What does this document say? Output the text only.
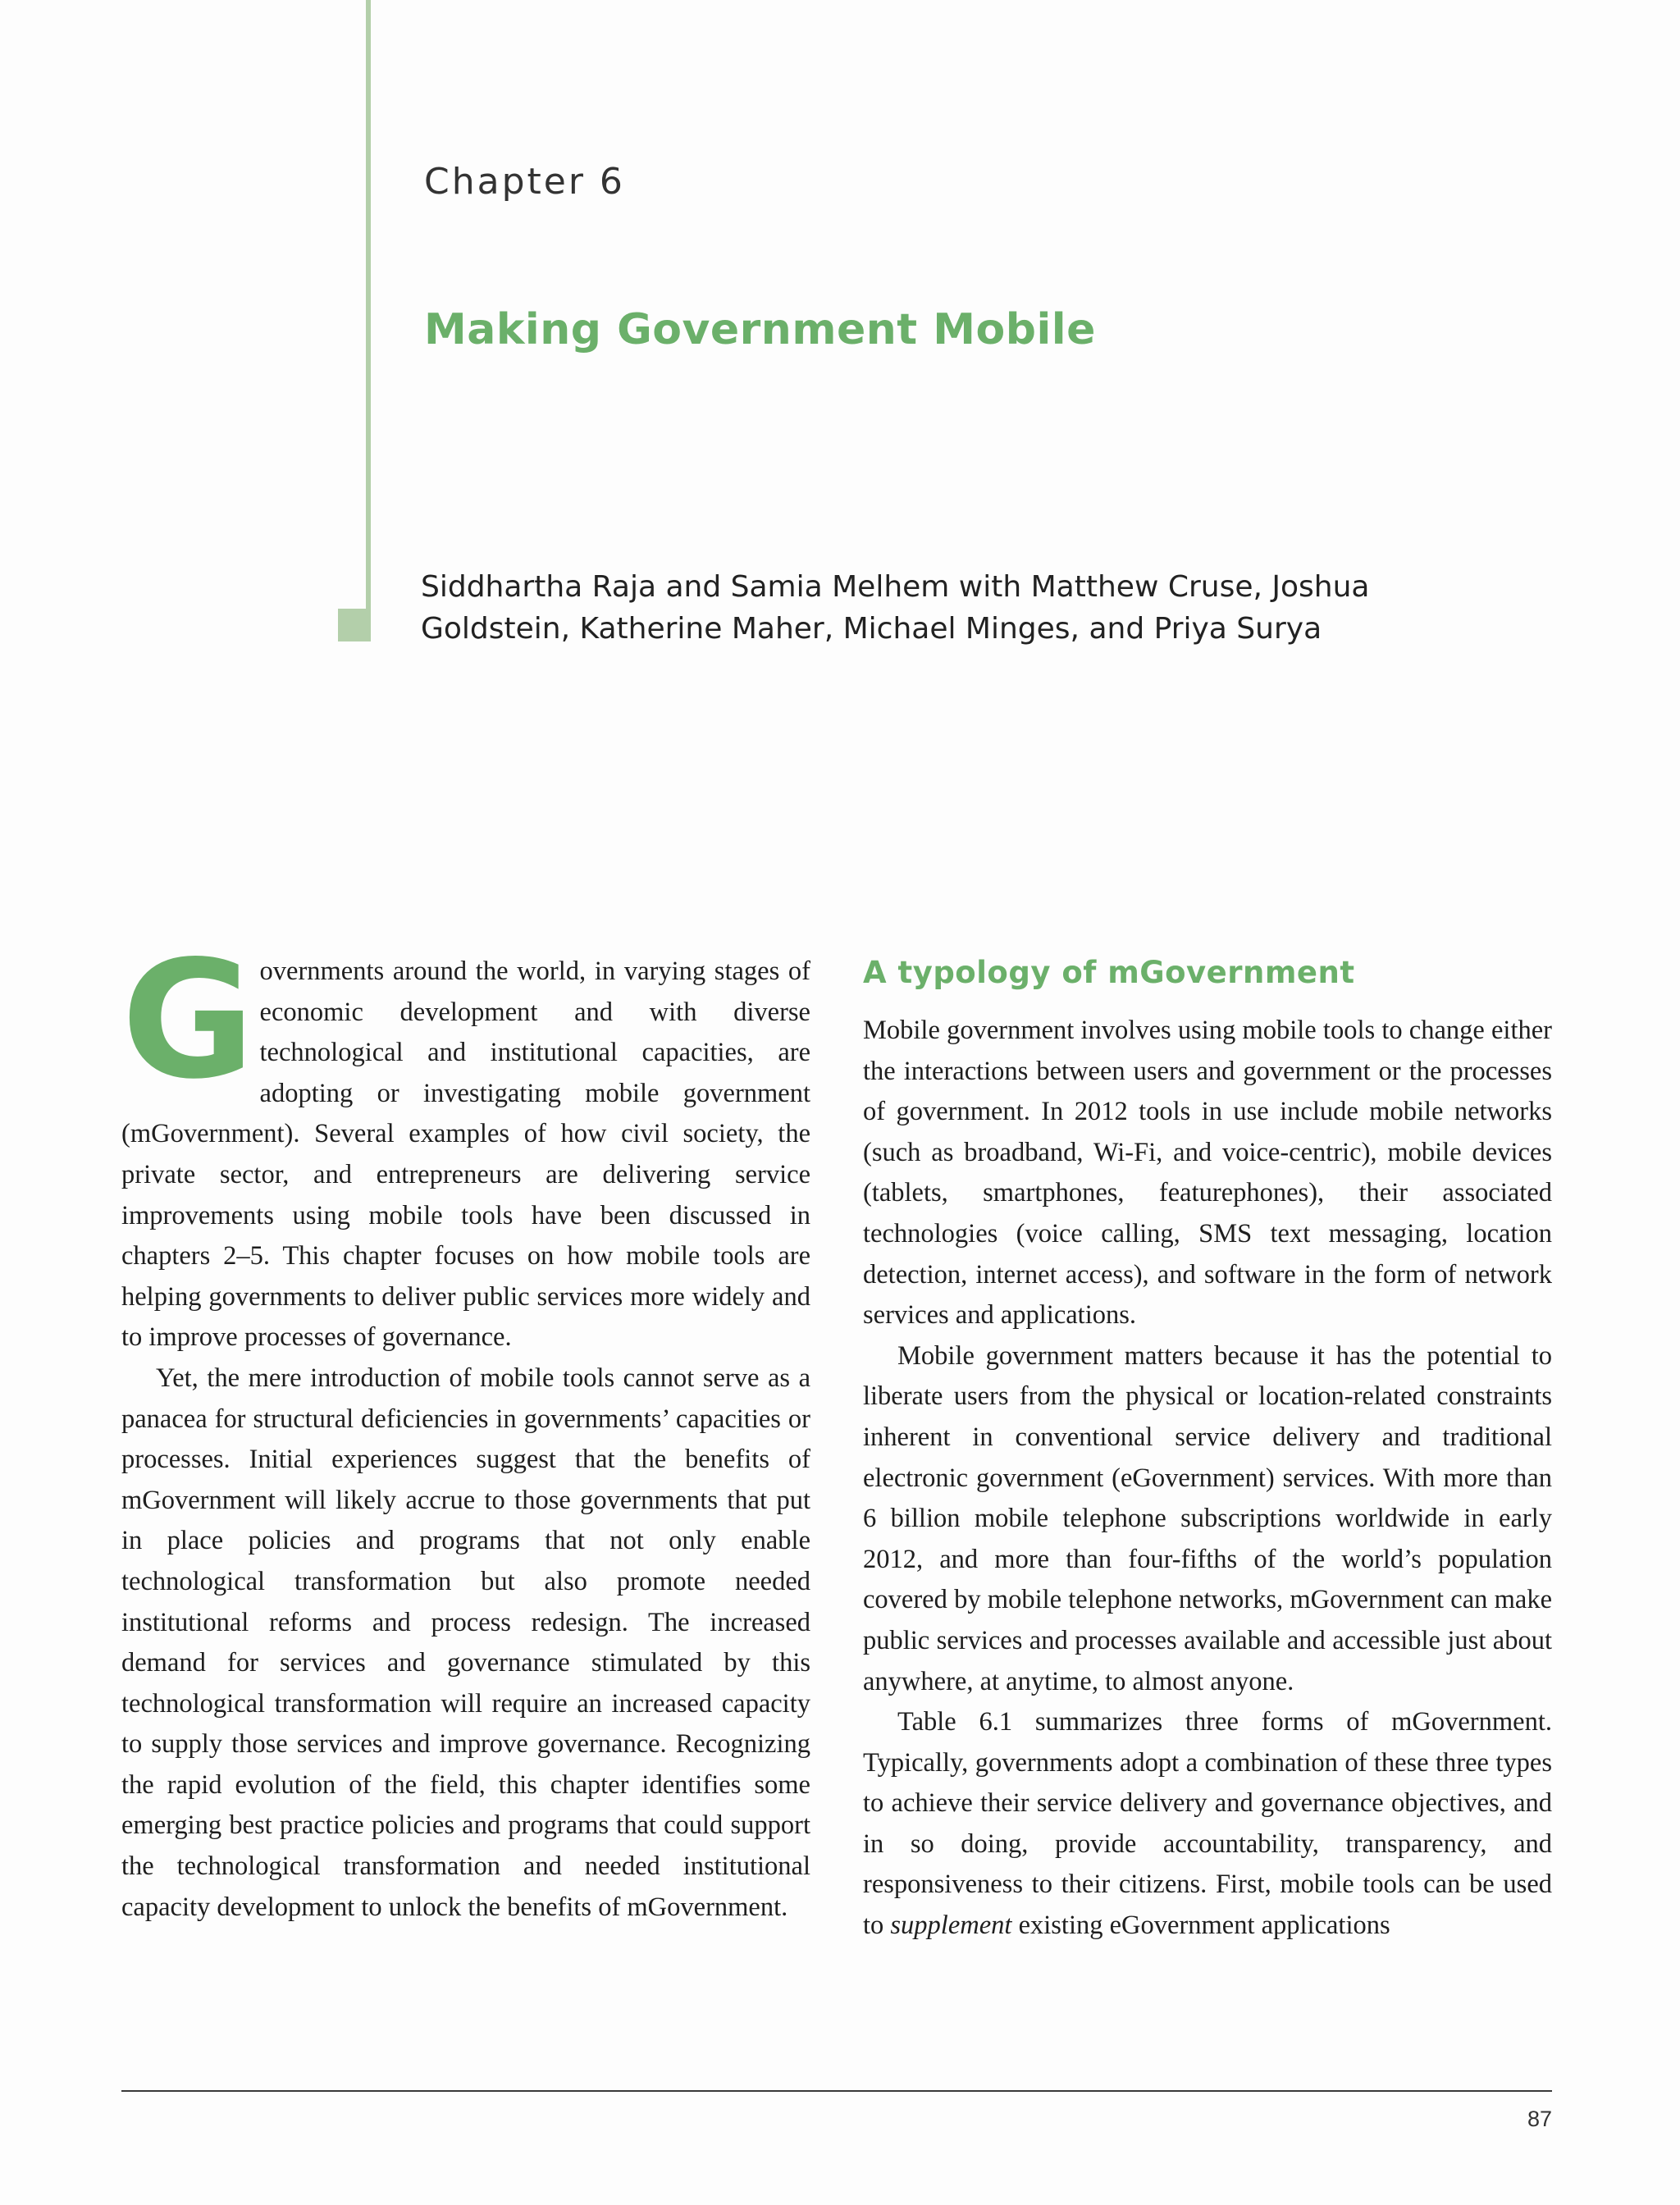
Chapter 6
Making Government Mobile
Siddhartha Raja and Samia Melhem with Matthew Cruse, Joshua
Goldstein, Katherine Maher, Michael Minges, and Priya Surya

Governments around the world, in varying stages of economic development and with diverse technological and institutional capacities, are adopting or investigating mobile government (mGovernment). Several examples of how civil society, the private sector, and entrepreneurs are delivering service improvements using mobile tools have been discussed in chapters 2–5. This chapter focuses on how mobile tools are helping governments to deliver public services more widely and to improve processes of governance.

Yet, the mere introduction of mobile tools cannot serve as a panacea for structural deficiencies in governments’ capacities or processes. Initial experiences suggest that the benefits of mGovernment will likely accrue to those governments that put in place policies and programs that not only enable technological transformation but also promote needed institutional reforms and process redesign. The increased demand for services and governance stimulated by this technological transformation will require an increased capacity to supply those services and improve governance. Recognizing the rapid evolution of the field, this chapter identifies some emerging best practice policies and programs that could support the technological transformation and needed institutional capacity development to unlock the benefits of mGovernment.

A typology of mGovernment

Mobile government involves using mobile tools to change either the interactions between users and government or the processes of government. In 2012 tools in use include mobile networks (such as broadband, Wi-Fi, and voice-centric), mobile devices (tablets, smartphones, featurephones), their associated technologies (voice calling, SMS text messaging, location detection, internet access), and software in the form of network services and applications.

Mobile government matters because it has the potential to liberate users from the physical or location-related constraints inherent in conventional service delivery and traditional electronic government (eGovernment) services. With more than 6 billion mobile telephone subscriptions worldwide in early 2012, and more than four-fifths of the world’s population covered by mobile telephone networks, mGovernment can make public services and processes available and accessible just about anywhere, at anytime, to almost anyone.

Table 6.1 summarizes three forms of mGovernment. Typically, governments adopt a combination of these three types to achieve their service delivery and governance objectives, and in so doing, provide accountability, transparency, and responsiveness to their citizens. First, mobile tools can be used to supplement existing eGovernment applications

87
